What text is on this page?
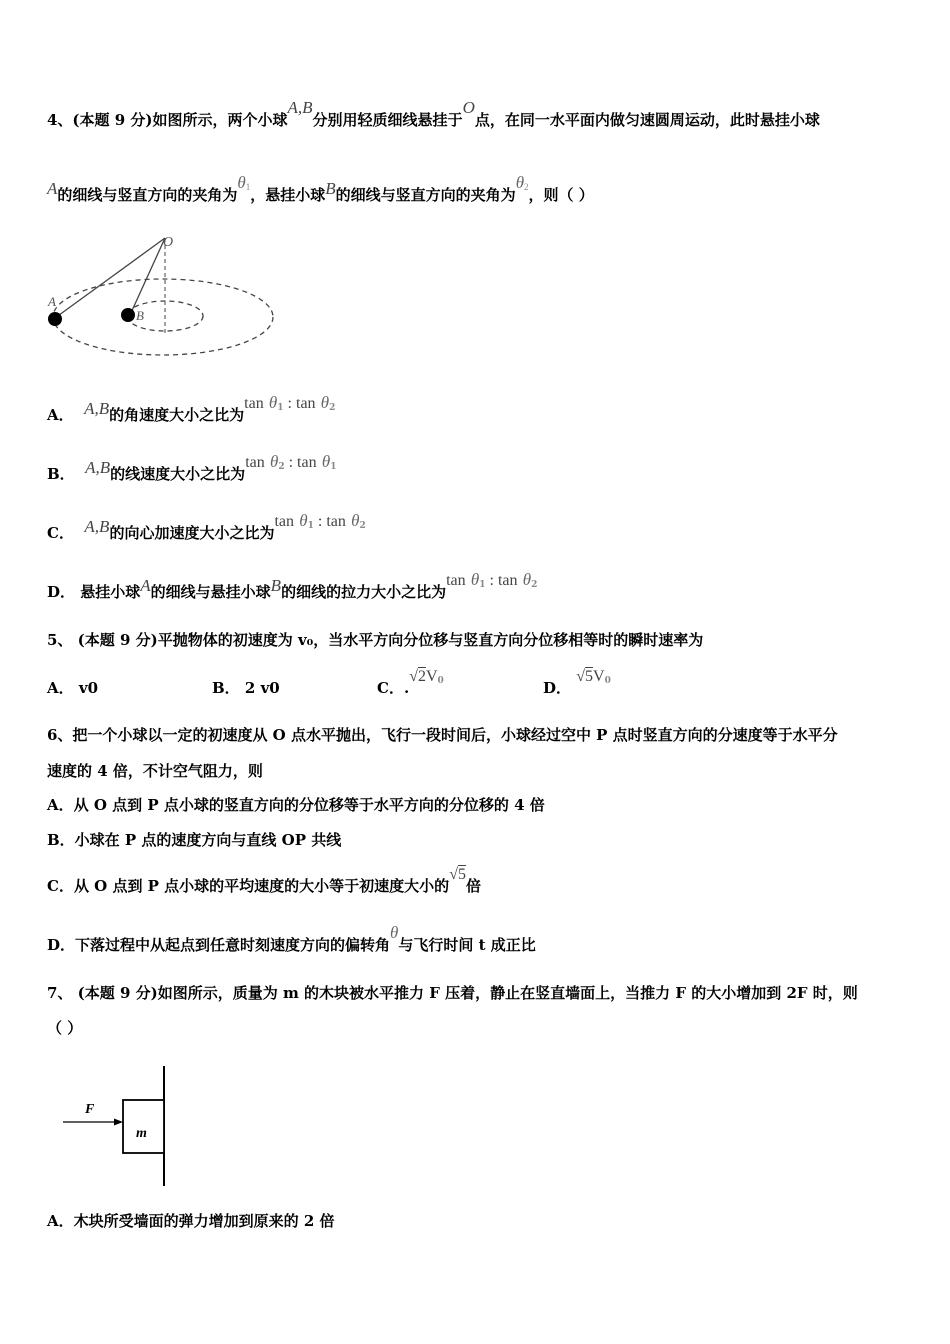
4、(本题 9 分)如图所示，两个小球A,B分别用轻质细线悬挂于O点，在同一水平面内做匀速圆周运动，此时悬挂小球
A的细线与竖直方向的夹角为$\theta_1$，悬挂小球B的细线与竖直方向的夹角为$\theta_2$，则（ ）
O
A
B
A． A,B的角速度大小之比为$\tan \theta_1$ : $\tan \theta_2$
B． A,B的线速度大小之比为$\tan \theta_2$ : $\tan \theta_1$
C． A,B的向心加速度大小之比为$\tan \theta_1$ : $\tan \theta_2$
D． 悬挂小球A的细线与悬挂小球B的细线的拉力大小之比为$\tan \theta_1$ : $\tan \theta_2$
5、 (本题 9 分)平抛物体的初速度为 v₀，当水平方向分位移与竖直方向分位移相等时的瞬时速率为
A． v0	B． 2 v0	C．$.√2V_0$	D． $√5V_0$
6、把一个小球以一定的初速度从 O 点水平抛出，飞行一段时间后，小球经过空中 P 点时竖直方向的分速度等于水平分
速度的 4 倍，不计空气阻力，则
A．从 O 点到 P 点小球的竖直方向的分位移等于水平方向的分位移的 4 倍
B．小球在 P 点的速度方向与直线 OP 共线
C．从 O 点到 P 点小球的平均速度的大小等于初速度大小的√5倍
D．下落过程中从起点到任意时刻速度方向的偏转角θ与飞行时间 t 成正比
7、 (本题 9 分)如图所示，质量为 m 的木块被水平推力 F 压着，静止在竖直墙面上，当推力 F 的大小增加到 2F 时，则
（ ）
F
m
A．木块所受墙面的弹力增加到原来的 2 倍
